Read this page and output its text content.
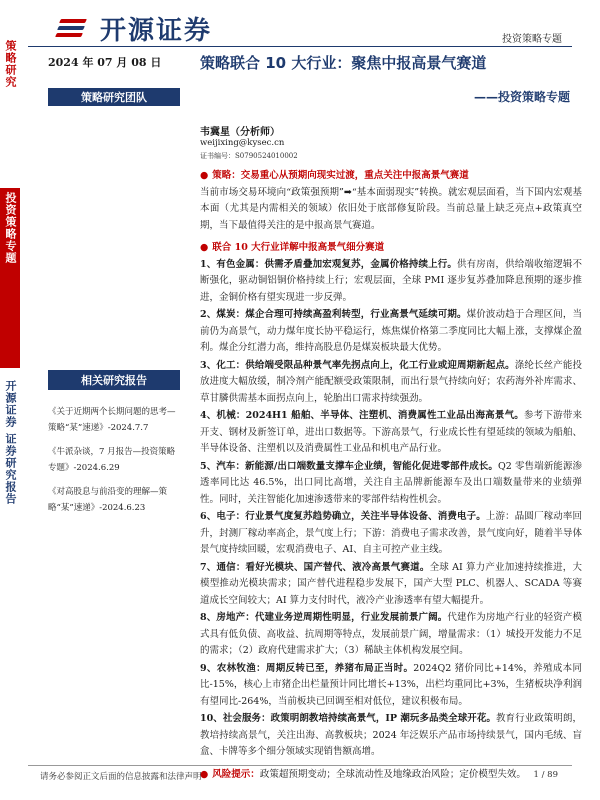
开源证券	投资策略专题
策略研究
投资策略专题
开源证券 证券研究报告
2024 年 07 月 08 日
策略研究团队
韦冀星（分析师）
weijixing@kysec.cn
证书编号：S0790524010002
相关研究报告
《关于近期两个长期问题的思考—策略“某”速递》-2024.7.7
《牛派杂谈，7 月报告—投资策略专题》-2024.6.29
《对高股息与前沿变的理解—策略“某”速递》-2024.6.23
策略联合 10 大行业：聚焦中报高景气赛道
——投资策略专题

● 策略：交易重心从预期向现实过渡，重点关注中报高景气赛道

当前市场交易环境向“政策强预期”➡“基本面弱现实”转换。就宏观层面看，当下国内宏观基本面（尤其是内需相关的领域）依旧处于底部修复阶段。当前总量上缺乏亮点+政策真空期，当下最值得关注的是中报高景气赛道。

● 联合 10 大行业详解中报高景气细分赛道

1、有色金属：供需矛盾叠加宏观复苏，金属价格持续上行。供有房南，供给端收缩逻辑不断强化，驱动铜铝铜价格持续上行；宏观层面，全球 PMI 逐步复苏叠加降息预期的逐步推进，金铜价格有望实现进一步反弹。

2、煤炭：煤企合理可持续高盈利转型，行业高景气延续可期。煤价波动趋于合理区间，当前仍为高景气，动力煤年度长协平稳运行，炼焦煤价格第二季度同比大幅上涨，支撑煤企盈利。煤企分红潜力高，维持高股息仍是煤炭板块最大优势。

3、化工：供给端受限品种景气率先拐点向上，化工行业或迎周期新起点。涤纶长丝产能投放进度大幅放缓，制冷剂产能配额受政策限制，而出行景气持续向好；农药海外补库需求、草甘膦供需基本面拐点向上，轮胎出口需求持续强劲。

4、机械：2024H1 船舶、半导体、注塑机、消费属性工业品出海高景气。参考下游带来开支、钢材及新签订单，进出口数据等。下游高景气，行业成长性有望延续的领域为船舶、半导体设备、注塑机以及消费属性工业品和机电产品行业。

5、汽车：新能源/出口端数量支撑车企业绩，智能化促进零部件成长。Q2 零售端新能源渗透率同比达 46.5%，出口同比高增，关注自主品牌新能源车及出口端数量带来的业绩弹性。同时，关注智能化加速渗透带来的零部件结构性机会。

6、电子：行业景气度复苏趋势确立，关注半导体设备、消费电子。上游：晶圆厂稼动率回升，封测厂稼动率高企，景气度上行；下游：消费电子需求改善，景气度向好，随着半导体景气度持续回暖，宏观消费电子、AI、自主可控产业主线。

7、通信：看好光模块、国产替代、液冷高景气赛道。全球 AI 算力产业加速持续推进，大模型推动光模块需求；国产替代进程稳步发展下，国产大型 PLC、机器人、SCADA 等赛道成长空间较大；AI 算力支付时代，液冷产业渗透率有望大幅提升。

8、房地产：代建业务逆周期性明显，行业发展前景广阔。代建作为房地产行业的轻资产模式具有低负债、高收益、抗周期等特点，发展前景广阔，增量需求：（1）城投开发能力不足的需求；（2）政府代建需求扩大；（3）稀缺主体机构发展空间。

9、农林牧渔：周期反转已至，养猪布局正当时。2024Q2 猪价同比+14%，养殖成本同比-15%，核心上市猪企出栏量预计同比增长+13%，出栏均重同比+3%，生猪板块净利润有望同比-264%，当前板块已回调至相对低位，建议积极布局。

10、社会服务：政策明朗教培持续高景气，IP 潮玩多品类全球开花。教育行业政策明朗，教培持续高景气，关注出海、高教板块；2024 年泛娱乐产品市场持续景气，国内毛绒、盲盒、卡牌等多个细分领域实现销售额高增。

● 风险提示：政策超预期变动；全球流动性及地缘政治风险；定价模型失效。

请务必参阅正文后面的信息披露和法律声明	1 / 89
